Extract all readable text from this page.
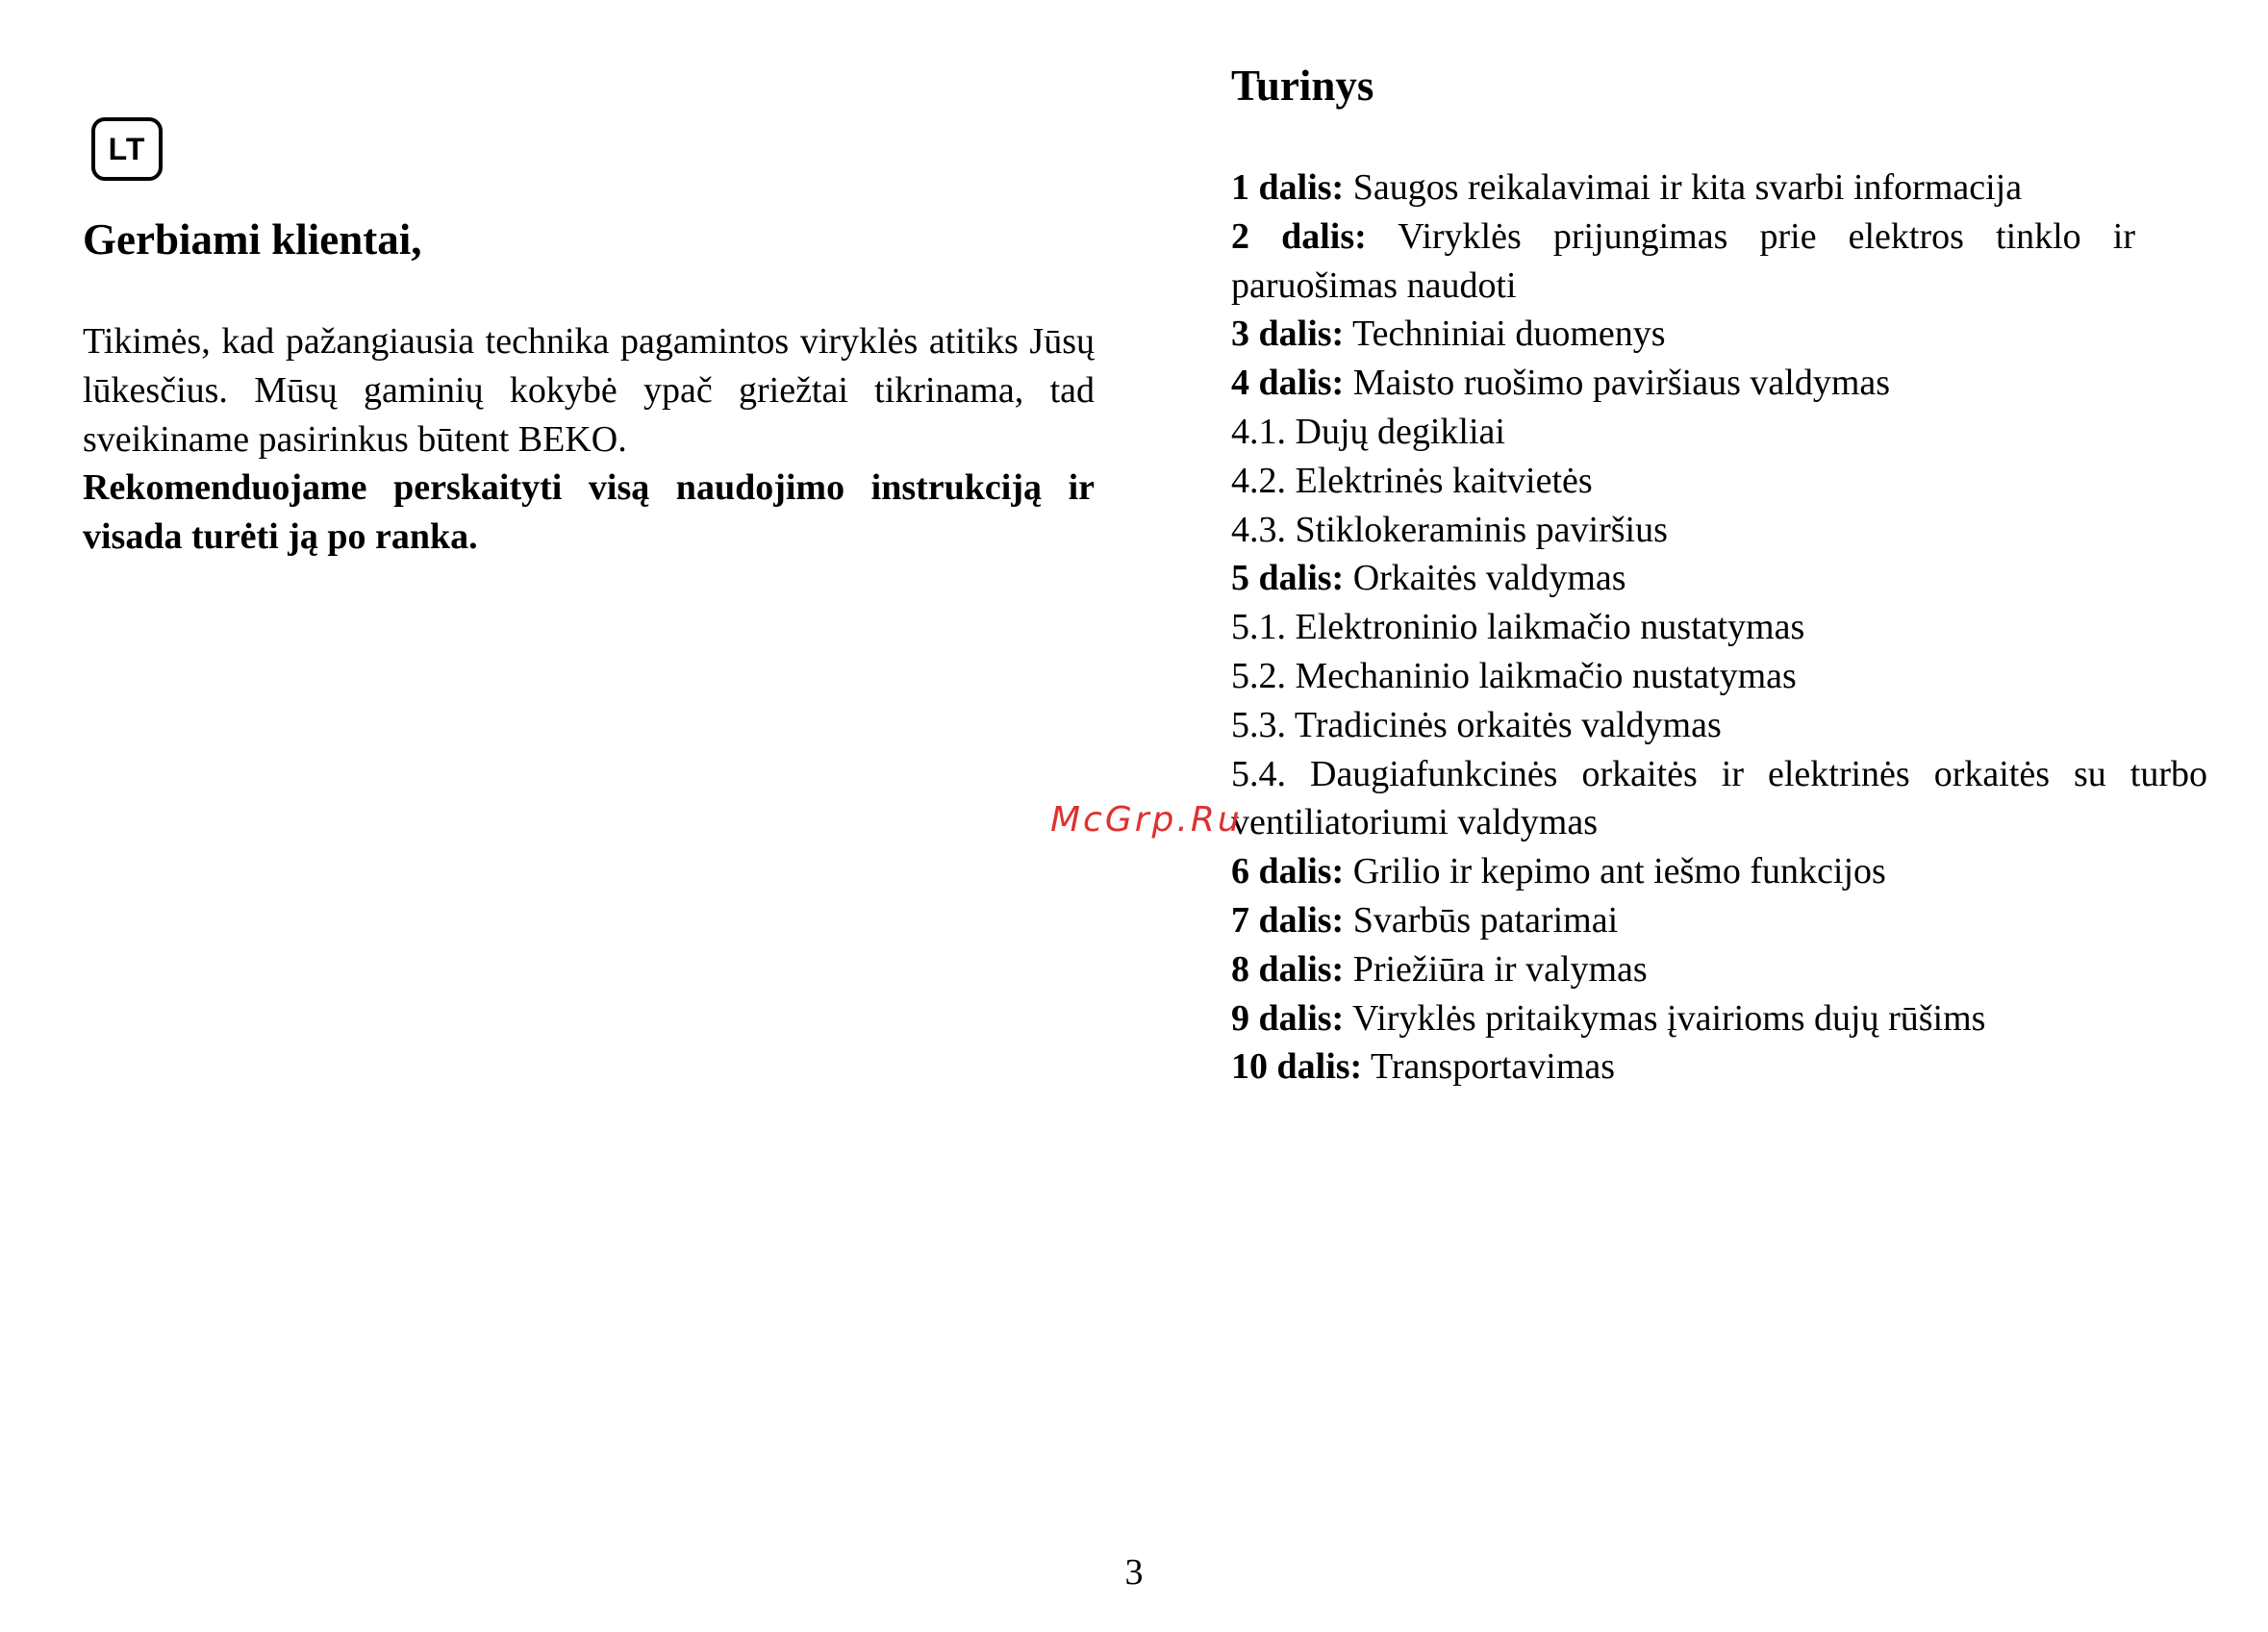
LT
Gerbiami klientai,

Tikimės, kad pažangiausia technika pagamintos viryklės atitiks Jūsų lūkesčius. Mūsų gaminių kokybė ypač griežtai tikrinama, tad sveikiname pasirinkus būtent BEKO.

Rekomenduojame perskaityti visą naudojimo instrukciją ir visada turėti ją po ranka.

Turinys
1 dalis: Saugos reikalavimai ir kita svarbi informacija
2 dalis: Viryklės prijungimas prie elektros tinklo ir paruošimas naudoti
3 dalis: Techniniai duomenys
4 dalis: Maisto ruošimo paviršiaus valdymas
4.1. Dujų degikliai
4.2. Elektrinės kaitvietės
4.3. Stiklokeraminis paviršius
5 dalis: Orkaitės valdymas
5.1. Elektroninio laikmačio nustatymas
5.2. Mechaninio laikmačio nustatymas
5.3. Tradicinės orkaitės valdymas
5.4. Daugiafunkcinės orkaitės ir elektrinės orkaitės su turbo ventiliatoriumi valdymas
6 dalis: Grilio ir kepimo ant iešmo funkcijos
7 dalis: Svarbūs patarimai
8 dalis: Priežiūra ir valymas
9 dalis: Viryklės pritaikymas įvairioms dujų rūšims
10 dalis: Transportavimas
McGrp.Ru
3
